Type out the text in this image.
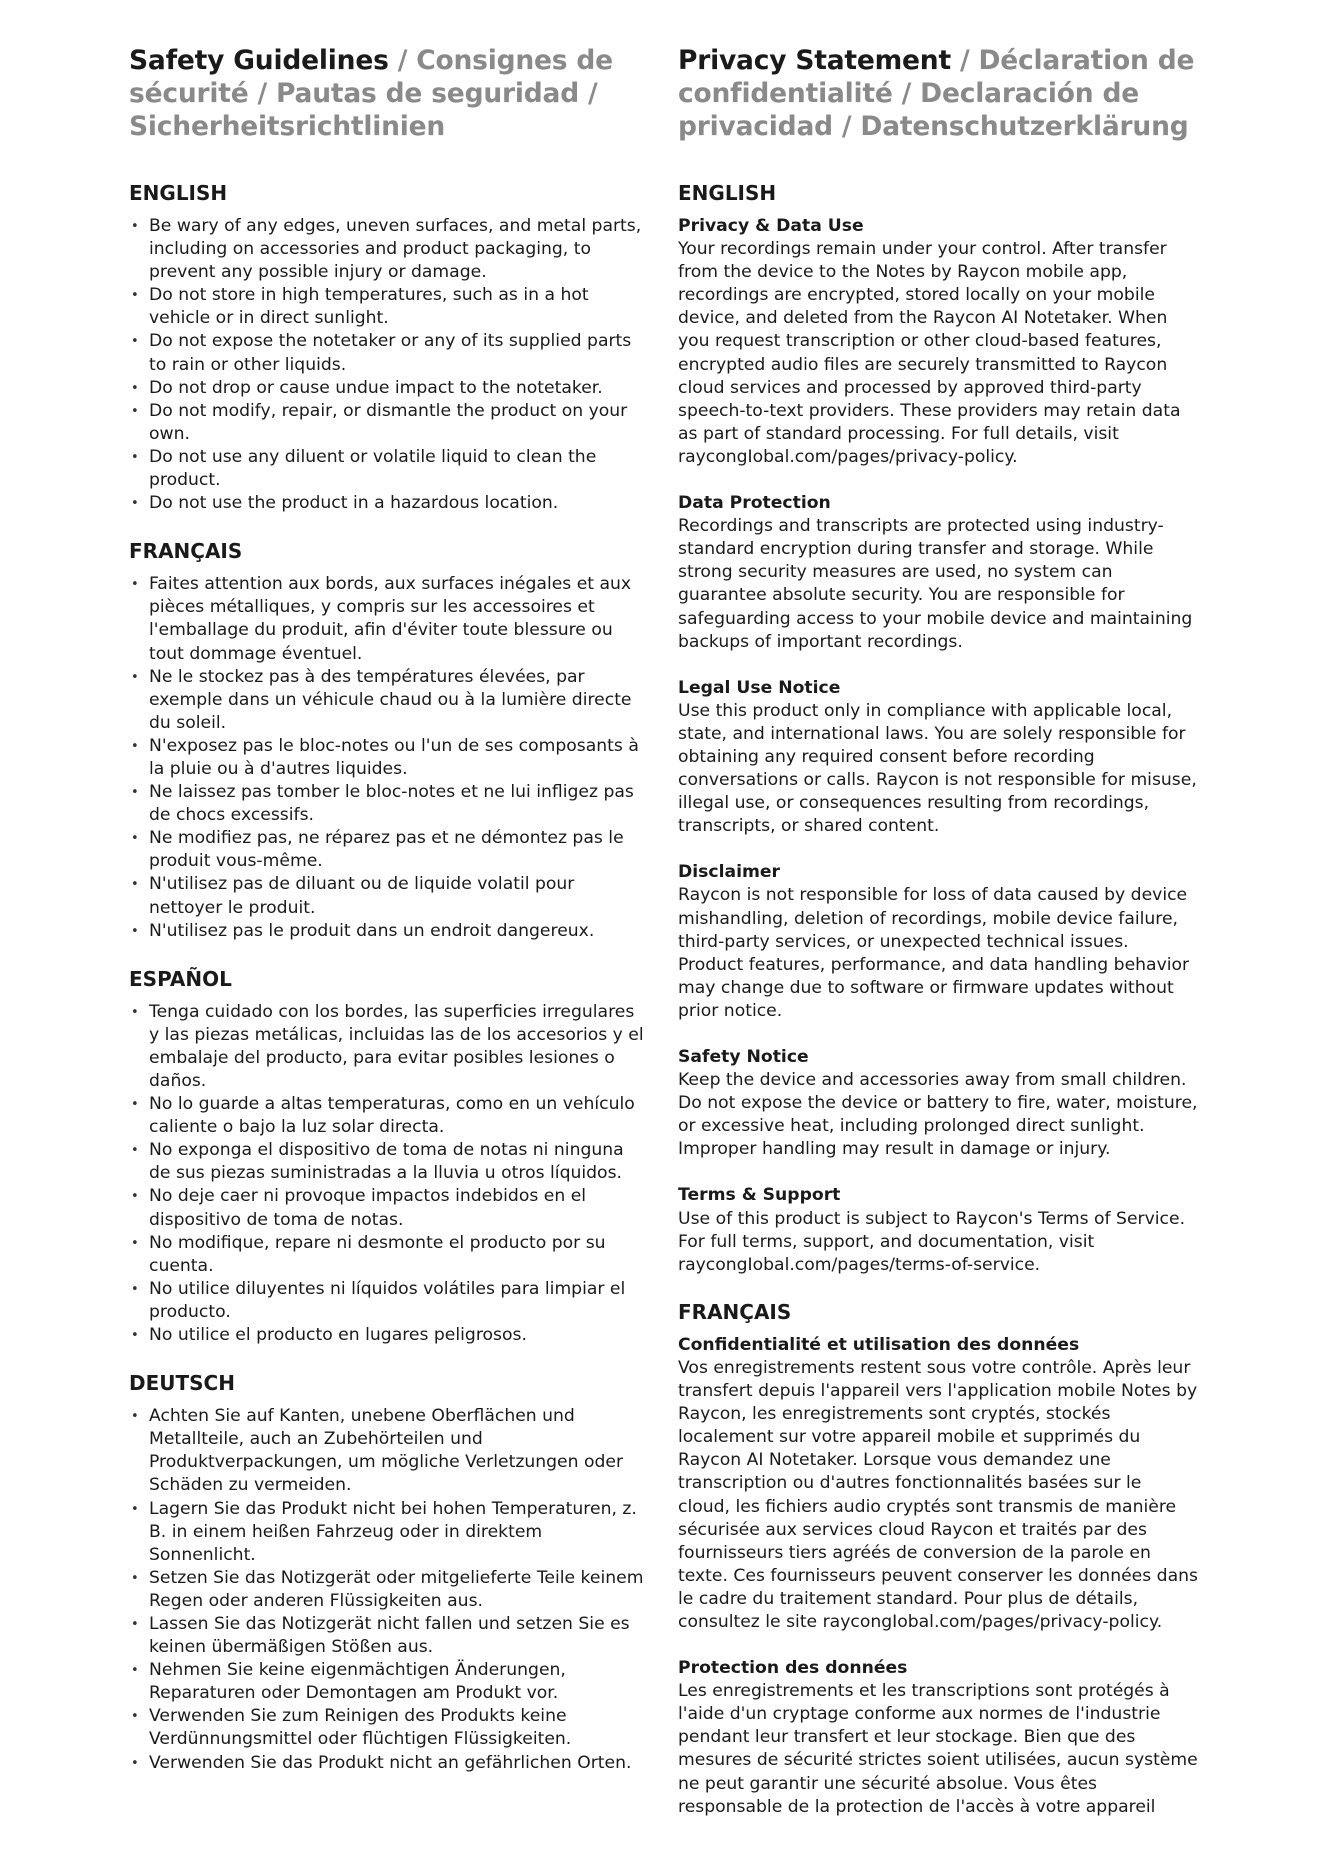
Safety Guidelines / Consignes de sécurité / Pautas de seguridad / Sicherheitsrichtlinien
ENGLISH
• Be wary of any edges, uneven surfaces, and metal parts, including on accessories and product packaging, to prevent any possible injury or damage.
• Do not store in high temperatures, such as in a hot vehicle or in direct sunlight.
• Do not expose the notetaker or any of its supplied parts to rain or other liquids.
• Do not drop or cause undue impact to the notetaker.
• Do not modify, repair, or dismantle the product on your own.
• Do not use any diluent or volatile liquid to clean the product.
• Do not use the product in a hazardous location.
FRANÇAIS
• Faites attention aux bords, aux surfaces inégales et aux pièces métalliques, y compris sur les accessoires et l'emballage du produit, afin d'éviter toute blessure ou tout dommage éventuel.
• Ne le stockez pas à des températures élevées, par exemple dans un véhicule chaud ou à la lumière directe du soleil.
• N'exposez pas le bloc-notes ou l'un de ses composants à la pluie ou à d'autres liquides.
• Ne laissez pas tomber le bloc-notes et ne lui infligez pas de chocs excessifs.
• Ne modifiez pas, ne réparez pas et ne démontez pas le produit vous-même.
• N'utilisez pas de diluant ou de liquide volatil pour nettoyer le produit.
• N'utilisez pas le produit dans un endroit dangereux.
ESPAÑOL
• Tenga cuidado con los bordes, las superficies irregulares y las piezas metálicas, incluidas las de los accesorios y el embalaje del producto, para evitar posibles lesiones o daños.
• No lo guarde a altas temperaturas, como en un vehículo caliente o bajo la luz solar directa.
• No exponga el dispositivo de toma de notas ni ninguna de sus piezas suministradas a la lluvia u otros líquidos.
• No deje caer ni provoque impactos indebidos en el dispositivo de toma de notas.
• No modifique, repare ni desmonte el producto por su cuenta.
• No utilice diluyentes ni líquidos volátiles para limpiar el producto.
• No utilice el producto en lugares peligrosos.
DEUTSCH
• Achten Sie auf Kanten, unebene Oberflächen und Metallteile, auch an Zubehörteilen und Produktverpackungen, um mögliche Verletzungen oder Schäden zu vermeiden.
• Lagern Sie das Produkt nicht bei hohen Temperaturen, z. B. in einem heißen Fahrzeug oder in direktem Sonnenlicht.
• Setzen Sie das Notizgerät oder mitgelieferte Teile keinem Regen oder anderen Flüssigkeiten aus.
• Lassen Sie das Notizgerät nicht fallen und setzen Sie es keinen übermäßigen Stößen aus.
• Nehmen Sie keine eigenmächtigen Änderungen, Reparaturen oder Demontagen am Produkt vor.
• Verwenden Sie zum Reinigen des Produkts keine Verdünnungsmittel oder flüchtigen Flüssigkeiten.
• Verwenden Sie das Produkt nicht an gefährlichen Orten.
Privacy Statement / Déclaration de confidentialité / Declaración de privacidad / Datenschutzerklärung
ENGLISH
Privacy & Data Use

Your recordings remain under your control. After transfer from the device to the Notes by Raycon mobile app, recordings are encrypted, stored locally on your mobile device, and deleted from the Raycon AI Notetaker. When you request transcription or other cloud-based features, encrypted audio files are securely transmitted to Raycon cloud services and processed by approved third-party speech-to-text providers. These providers may retain data as part of standard processing. For full details, visit raycongIobal.com/pages/privacy-policy.

Data Protection

Recordings and transcripts are protected using industry-standard encryption during transfer and storage. While strong security measures are used, no system can guarantee absolute security. You are responsible for safeguarding access to your mobile device and maintaining backups of important recordings.

Legal Use Notice

Use this product only in compliance with applicable local, state, and international laws. You are solely responsible for obtaining any required consent before recording conversations or calls. Raycon is not responsible for misuse, illegal use, or consequences resulting from recordings, transcripts, or shared content.

Disclaimer

Raycon is not responsible for loss of data caused by device mishandling, deletion of recordings, mobile device failure, third-party services, or unexpected technical issues. Product features, performance, and data handling behavior may change due to software or firmware updates without prior notice.

Safety Notice

Keep the device and accessories away from small children. Do not expose the device or battery to fire, water, moisture, or excessive heat, including prolonged direct sunlight. Improper handling may result in damage or injury.

Terms & Support

Use of this product is subject to Raycon's Terms of Service. For full terms, support, and documentation, visit raycongIobal.com/pages/terms-of-service.

FRANÇAIS
Confidentialité et utilisation des données

Vos enregistrements restent sous votre contrôle. Après leur transfert depuis l'appareil vers l'application mobile Notes by Raycon, les enregistrements sont cryptés, stockés localement sur votre appareil mobile et supprimés du Raycon AI Notetaker. Lorsque vous demandez une transcription ou d'autres fonctionnalités basées sur le cloud, les fichiers audio cryptés sont transmis de manière sécurisée aux services cloud Raycon et traités par des fournisseurs tiers agréés de conversion de la parole en texte. Ces fournisseurs peuvent conserver les données dans le cadre du traitement standard. Pour plus de détails, consultez le site raycongIobal.com/pages/privacy-policy.

Protection des données

Les enregistrements et les transcriptions sont protégés à l'aide d'un cryptage conforme aux normes de l'industrie pendant leur transfert et leur stockage. Bien que des mesures de sécurité strictes soient utilisées, aucun système ne peut garantir une sécurité absolue. Vous êtes responsable de la protection de l'accès à votre appareil
